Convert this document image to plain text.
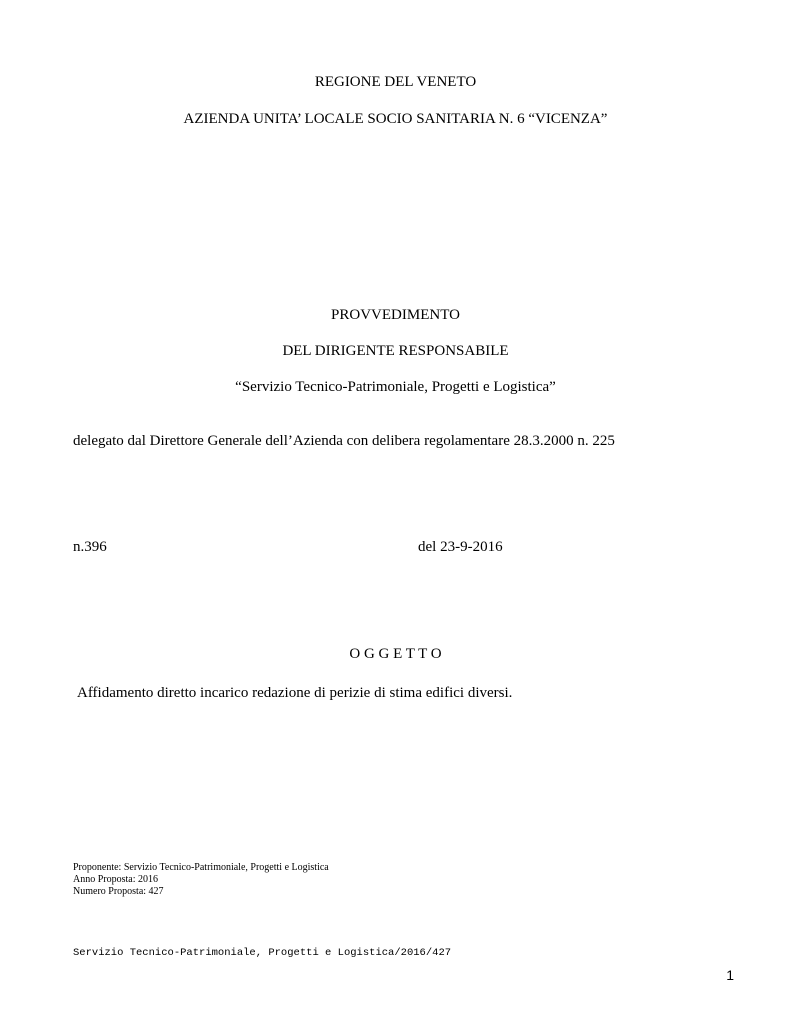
REGIONE DEL VENETO
AZIENDA UNITA’ LOCALE SOCIO SANITARIA N. 6 “VICENZA”
PROVVEDIMENTO
DEL DIRIGENTE RESPONSABILE
“Servizio Tecnico-Patrimoniale, Progetti e Logistica”
delegato dal Direttore Generale dell’Azienda con delibera regolamentare 28.3.2000 n. 225
n.396	del 23-9-2016
O G G E T T O
Affidamento diretto incarico redazione di perizie di stima edifici diversi.
Proponente: Servizio Tecnico-Patrimoniale, Progetti e Logistica
Anno Proposta: 2016
Numero Proposta: 427
Servizio Tecnico-Patrimoniale, Progetti e Logistica/2016/427
1
